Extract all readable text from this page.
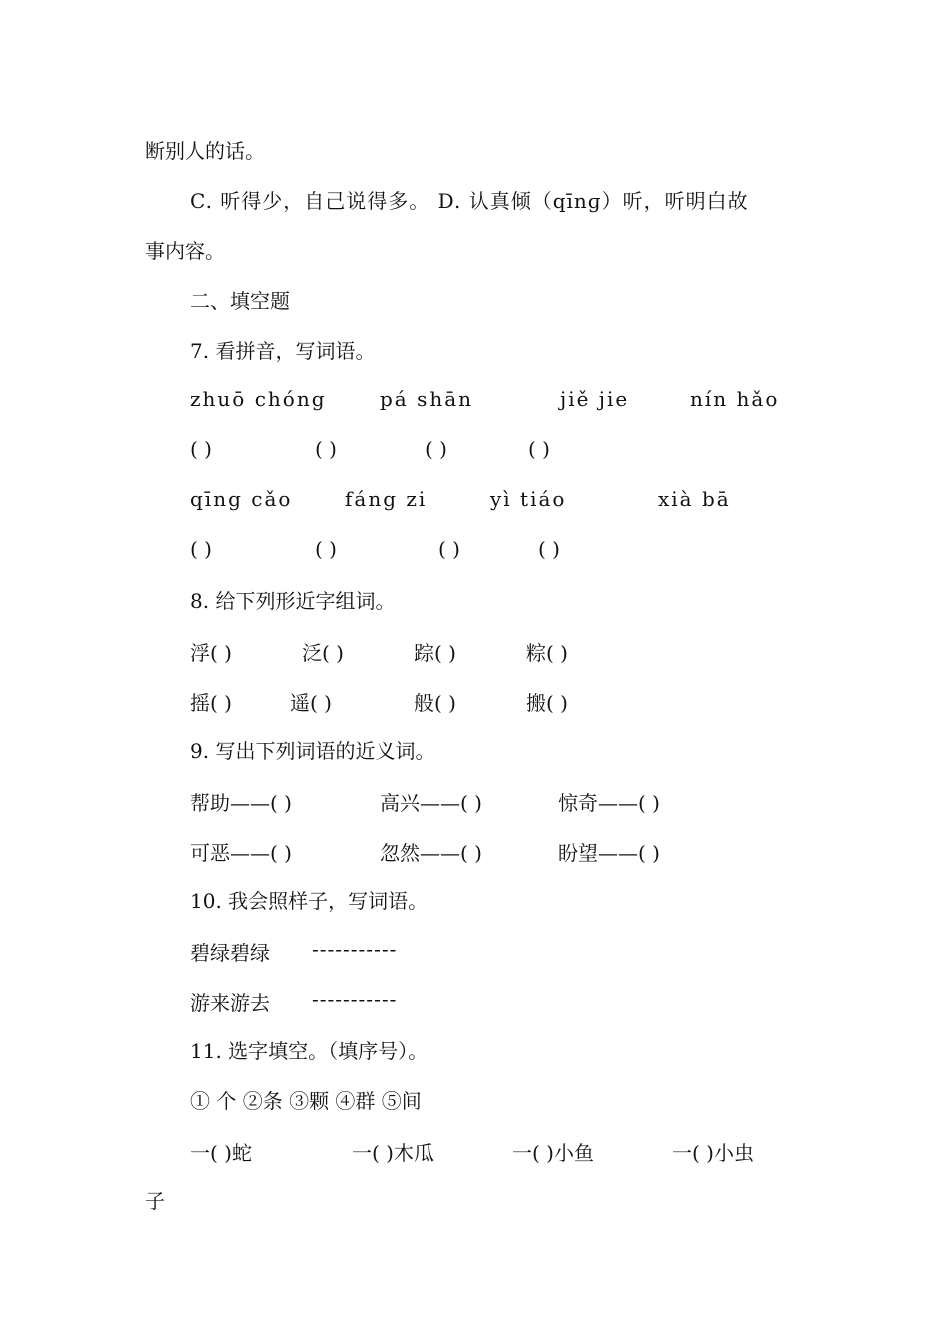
断别人的话。
C. 听得少，自己说得多。 D. 认真倾（qīnɡ）听，听明白故
事内容。
二、填空题
7. 看拼音，写词语。
zhuō chóng	pá shān	jiě jie	nín hǎo
( )	( )	( )	( )
qīng cǎo	fáng zi	yì tiáo	xià bā
( )	( )	( )	( )
8. 给下列形近字组词。
浮( )	泛( )	踪( )	粽( )
摇( )	遥( )	般( )	搬( )
9. 写出下列词语的近义词。
帮助——( )	高兴——( )	惊奇——( )
可恶——( )	忽然——( )	盼望——( )
10. 我会照样子，写词语。
碧绿碧绿 -----------
游来游去 -----------
11. 选字填空。（填序号）。
① 个 ②条 ③颗 ④群 ⑤间
一( )蛇	一( )木瓜	一( )小鱼	一( )小虫
子
